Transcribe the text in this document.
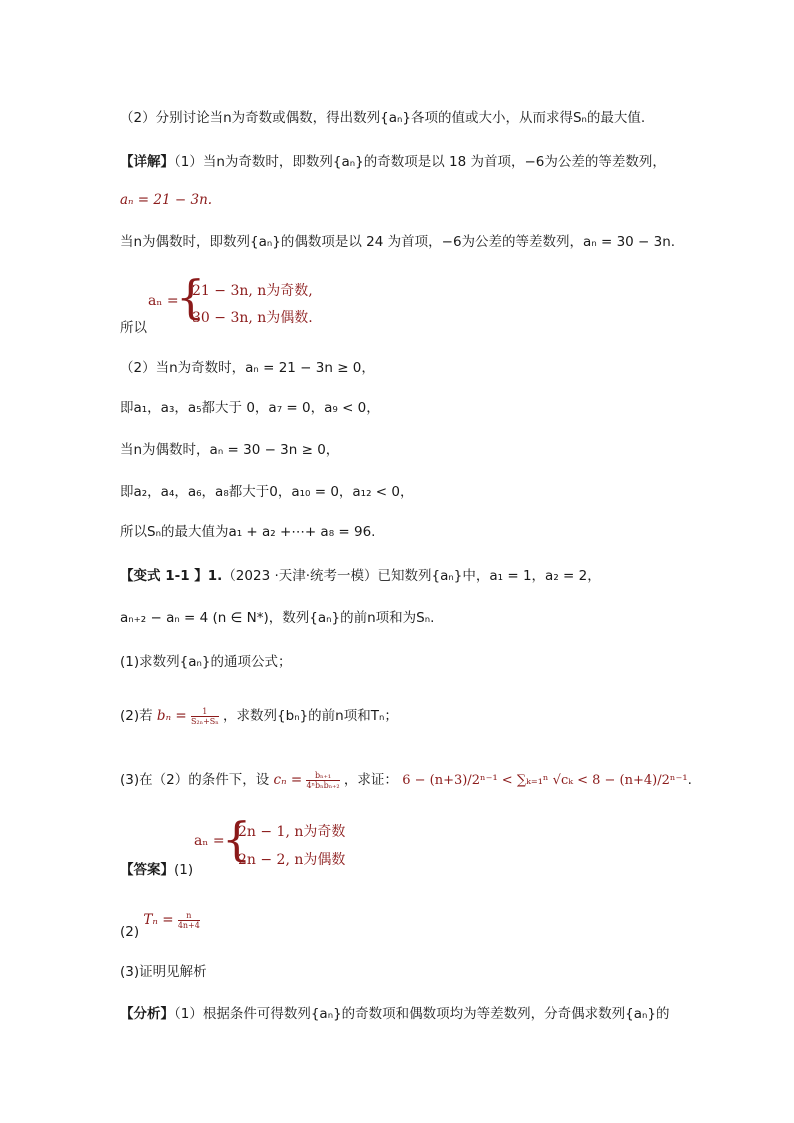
（2）分别讨论当n为奇数或偶数，得出数列{aₙ}各项的值或大小，从而求得Sₙ的最大值.
【详解】（1）当n为奇数时，即数列{aₙ}的奇数项是以 18 为首项，−6为公差的等差数列，
aₙ = 21 − 3n.
当n为偶数时，即数列{aₙ}的偶数项是以 24 为首项，−6为公差的等差数列，aₙ = 30 − 3n.
aₙ =
{
21 − 3n, n为奇数,
30 − 3n, n为偶数.
所以
（2）当n为奇数时，aₙ = 21 − 3n ≥ 0，
即a₁，a₃，a₅都大于 0，a₇ = 0，a₉ < 0，
当n为偶数时，aₙ = 30 − 3n ≥ 0，
即a₂，a₄，a₆，a₈都大于0，a₁₀ = 0，a₁₂ < 0，
所以Sₙ的最大值为a₁ + a₂ +⋯+ a₈ = 96.
【变式 1-1 】1.（2023 ·天津·统考一模）已知数列{aₙ}中，a₁ = 1，a₂ = 2，
aₙ₊₂ − aₙ = 4 (n ∈ N*)，数列{aₙ}的前n项和为Sₙ.
(1)求数列{aₙ}的通项公式；
(2)若 $b_n = \frac{1}{\text{S₂ₙ+Sₙ}}$ ，求数列{bₙ}的前n项和Tₙ；
(3)在（2）的条件下，设 $c_n = \frac{\text{bₙ₊₁}}{\text{4ⁿbₙbₙ₊₂}}$ ，求证： 6 − (n+3)/2ⁿ⁻¹ < ∑ₖ₌₁ⁿ √cₖ < 8 − (n+4)/2ⁿ⁻¹.
aₙ =
{
2n − 1, n为奇数
2n − 2, n为偶数
【答案】(1)
(2) $T_n = \frac{n}{4n+4}$
(3)证明见解析
【分析】（1）根据条件可得数列{aₙ}的奇数项和偶数项均为等差数列，分奇偶求数列{aₙ}的
